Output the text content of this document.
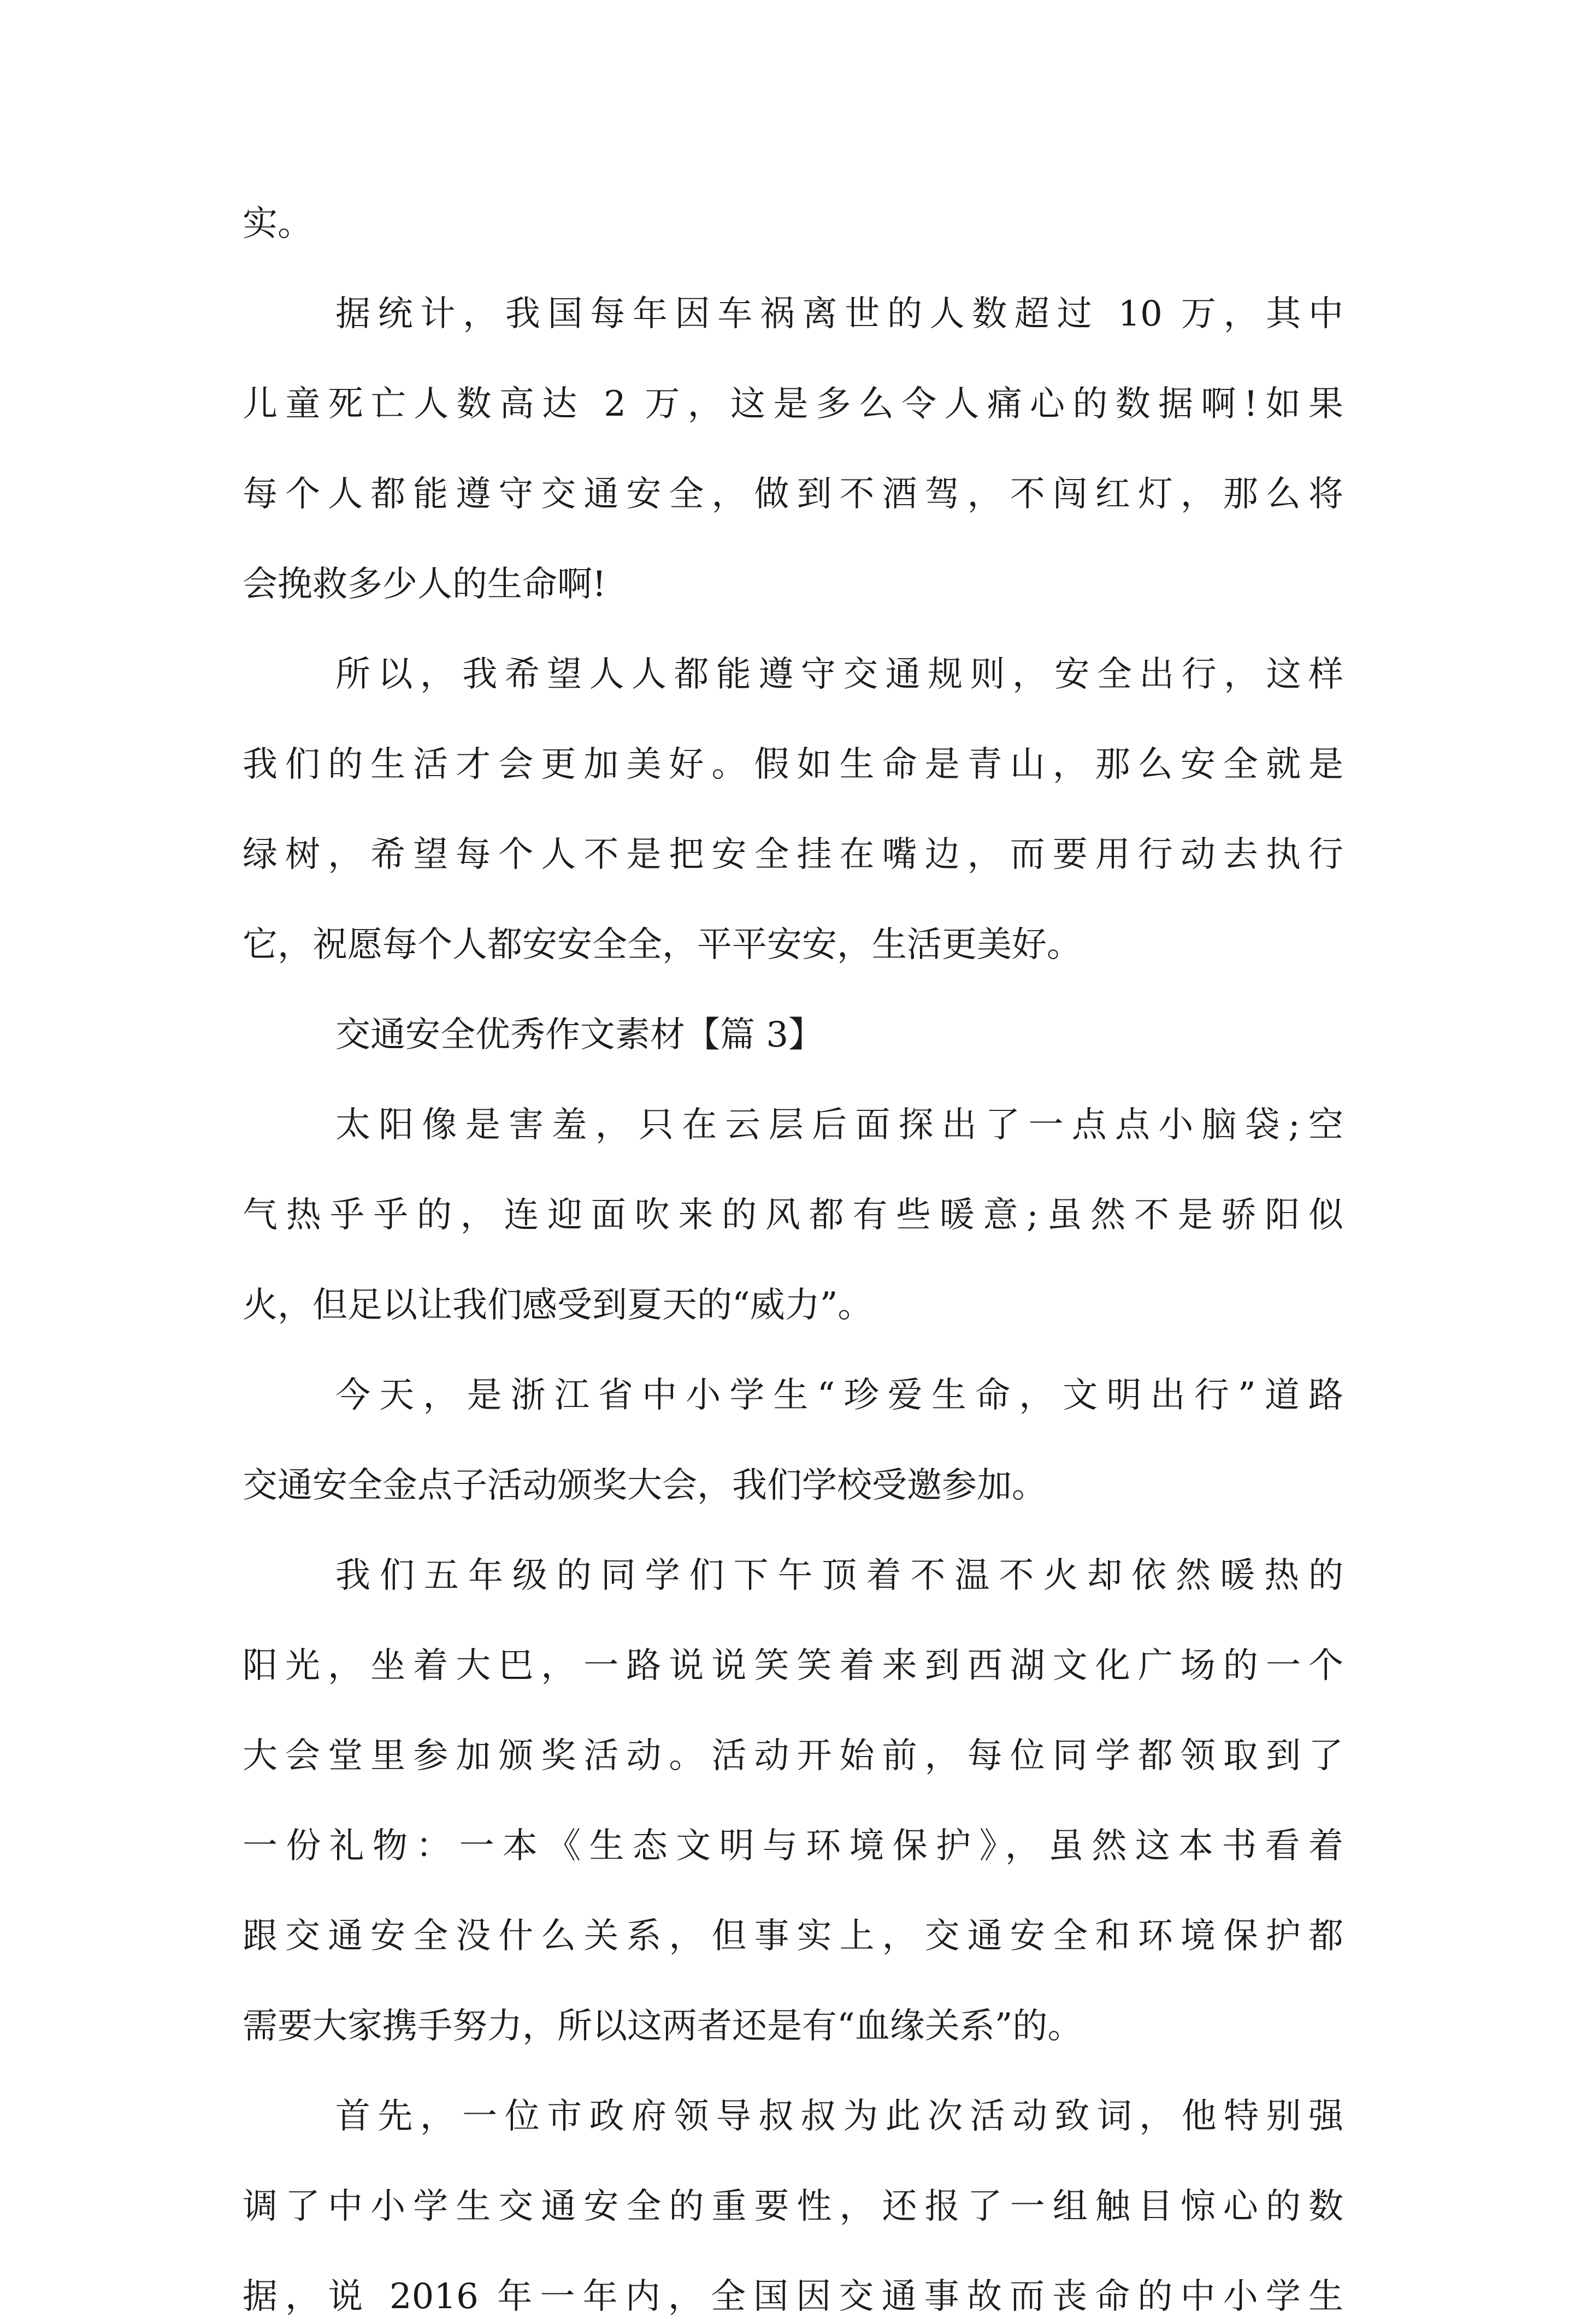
实。
据统计，我国每年因车祸离世的人数超过 10 万，其中
儿童死亡人数高达 2 万，这是多么令人痛心的数据啊!如果
每个人都能遵守交通安全，做到不酒驾，不闯红灯，那么将
会挽救多少人的生命啊!
所以，我希望人人都能遵守交通规则，安全出行，这样
我们的生活才会更加美好。假如生命是青山，那么安全就是
绿树，希望每个人不是把安全挂在嘴边，而要用行动去执行
它，祝愿每个人都安安全全，平平安安，生活更美好。
交通安全优秀作文素材【篇 3】
太阳像是害羞，只在云层后面探出了一点点小脑袋;空
气热乎乎的，连迎面吹来的风都有些暖意;虽然不是骄阳似
火，但足以让我们感受到夏天的“威力”。
今天，是浙江省中小学生“珍爱生命，文明出行”道路
交通安全金点子活动颁奖大会，我们学校受邀参加。
我们五年级的同学们下午顶着不温不火却依然暖热的
阳光，坐着大巴，一路说说笑笑着来到西湖文化广场的一个
大会堂里参加颁奖活动。活动开始前，每位同学都领取到了
一份礼物：一本《生态文明与环境保护》，虽然这本书看着
跟交通安全没什么关系，但事实上，交通安全和环境保护都
需要大家携手努力，所以这两者还是有“血缘关系”的。
首先，一位市政府领导叔叔为此次活动致词，他特别强
调了中小学生交通安全的重要性，还报了一组触目惊心的数
据，说 2016 年一年内，全国因交通事故而丧命的中小学生
